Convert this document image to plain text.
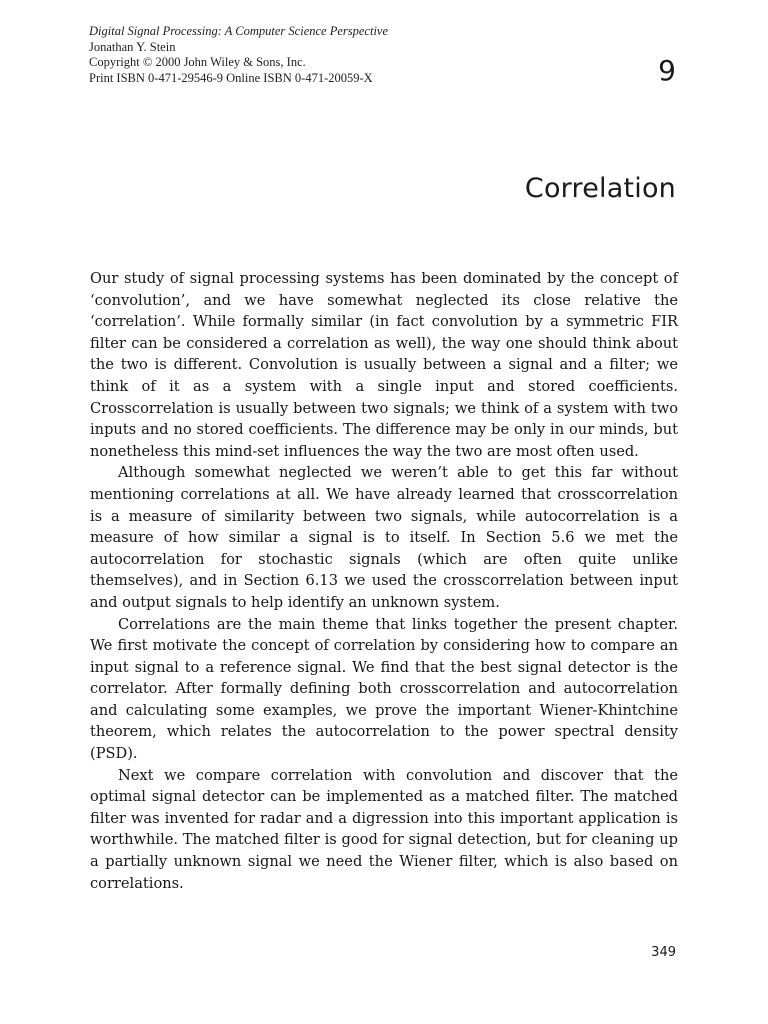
Digital Signal Processing: A Computer Science Perspective
Jonathan Y. Stein
Copyright © 2000 John Wiley & Sons, Inc.
Print ISBN 0-471-29546-9 Online ISBN 0-471-20059-X	9
Correlation

Our study of signal processing systems has been dominated by the concept of ‘convolution’, and we have somewhat neglected its close relative the ‘correlation’. While formally similar (in fact convolution by a symmetric FIR filter can be considered a correlation as well), the way one should think about the two is different. Convolution is usually between a signal and a filter; we think of it as a system with a single input and stored coefficients. Crosscorrelation is usually between two signals; we think of a system with two inputs and no stored coefficients. The difference may be only in our minds, but nonetheless this mind-set influences the way the two are most often used.

Although somewhat neglected we weren’t able to get this far without mentioning correlations at all. We have already learned that crosscorrelation is a measure of similarity between two signals, while autocorrelation is a measure of how similar a signal is to itself. In Section 5.6 we met the autocorrelation for stochastic signals (which are often quite unlike themselves), and in Section 6.13 we used the crosscorrelation between input and output signals to help identify an unknown system.

Correlations are the main theme that links together the present chapter. We first motivate the concept of correlation by considering how to compare an input signal to a reference signal. We find that the best signal detector is the correlator. After formally defining both crosscorrelation and autocorrelation and calculating some examples, we prove the important Wiener-Khintchine theorem, which relates the autocorrelation to the power spectral density (PSD).

Next we compare correlation with convolution and discover that the optimal signal detector can be implemented as a matched filter. The matched filter was invented for radar and a digression into this important application is worthwhile. The matched filter is good for signal detection, but for cleaning up a partially unknown signal we need the Wiener filter, which is also based on correlations.

349
